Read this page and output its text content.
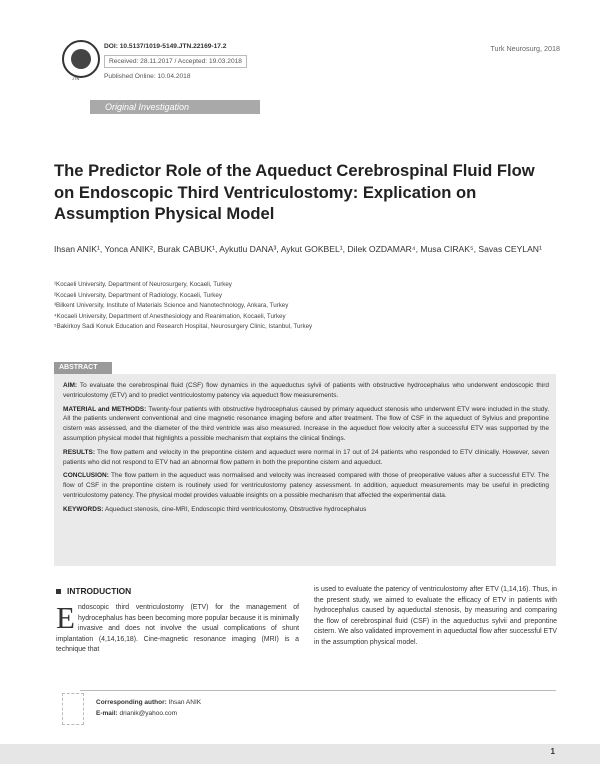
JTN
DOI: 10.5137/1019-5149.JTN.22169-17.2
Received: 28.11.2017 / Accepted: 19.03.2018
Published Online: 10.04.2018
Turk Neurosurg, 2018
Original Investigation
The Predictor Role of the Aqueduct Cerebrospinal Fluid Flow on Endoscopic Third Ventriculostomy: Explication on Assumption Physical Model
Ihsan ANIK¹, Yonca ANIK², Burak CABUK¹, Aykutlu DANA³, Aykut GOKBEL¹, Dilek OZDAMAR⁴, Musa CIRAK⁵, Savas CEYLAN¹
¹Kocaeli University, Department of Neurosurgery, Kocaeli, Turkey
²Kocaeli University, Department of Radiology, Kocaeli, Turkey
³Bilkent University, Institute of Materials Science and Nanotechnology, Ankara, Turkey
⁴Kocaeli University, Department of Anesthesiology and Reanimation, Kocaeli, Turkey
⁵Bakirkoy Sadi Konuk Education and Research Hospital, Neurosurgery Clinic, Istanbul, Turkey
ABSTRACT

AIM: To evaluate the cerebrospinal fluid (CSF) flow dynamics in the aqueductus sylvii of patients with obstructive hydrocephalus who underwent endoscopic third ventriculostomy (ETV) and to predict ventriculostomy patency via aqueduct flow measurements.

MATERIAL and METHODS: Twenty-four patients with obstructive hydrocephalus caused by primary aqueduct stenosis who underwent ETV were included in the study. All the patients underwent conventional and cine magnetic resonance imaging before and after treatment. The flow of CSF in the aqueduct of Sylvius and prepontine cistern was assessed, and the diameter of the third ventricle was also measured. Increase in the aqueduct flow velocity after a successful ETV was supported by the assumption physical model that highlights a possible mechanism that explains the clinical findings.

RESULTS: The flow pattern and velocity in the prepontine cistern and aqueduct were normal in 17 out of 24 patients who responded to ETV clinically. However, seven patients who did not respond to ETV had an abnormal flow pattern in both the prepontine cistern and aqueduct.

CONCLUSION: The flow pattern in the aqueduct was normalised and velocity was increased compared with those of preoperative values after a successful ETV. The flow of CSF in the prepontine cistern is routinely used for ventriculostomy patency assessment. In addition, aqueduct measurements may be useful in predicting ventriculostomy patency. The physical model provides valuable insights on a possible mechanism that affected the experimental data.

KEYWORDS: Aqueduct stenosis, cine-MRI, Endoscopic third ventriculostomy, Obstructive hydrocephalus

INTRODUCTION
Endoscopic third ventriculostomy (ETV) for the management of hydrocephalus has been becoming more popular because it is minimally invasive and does not involve the usual complications of shunt implantation (4,14,16,18). Cine-magnetic resonance imaging (MRI) is a technique that
is used to evaluate the patency of ventriculostomy after ETV (1,14,16). Thus, in the present study, we aimed to evaluate the efficacy of ETV in patients with hydrocephalus caused by aqueductal stenosis, by measuring and comparing the flow of cerebrospinal fluid (CSF) in the aqueductus sylvii and prepontine cistern. We also validated improvement in aqueductal flow after successful ETV in the assumption physical model.
Corresponding author: Ihsan ANIK
E-mail: drianik@yahoo.com
1
